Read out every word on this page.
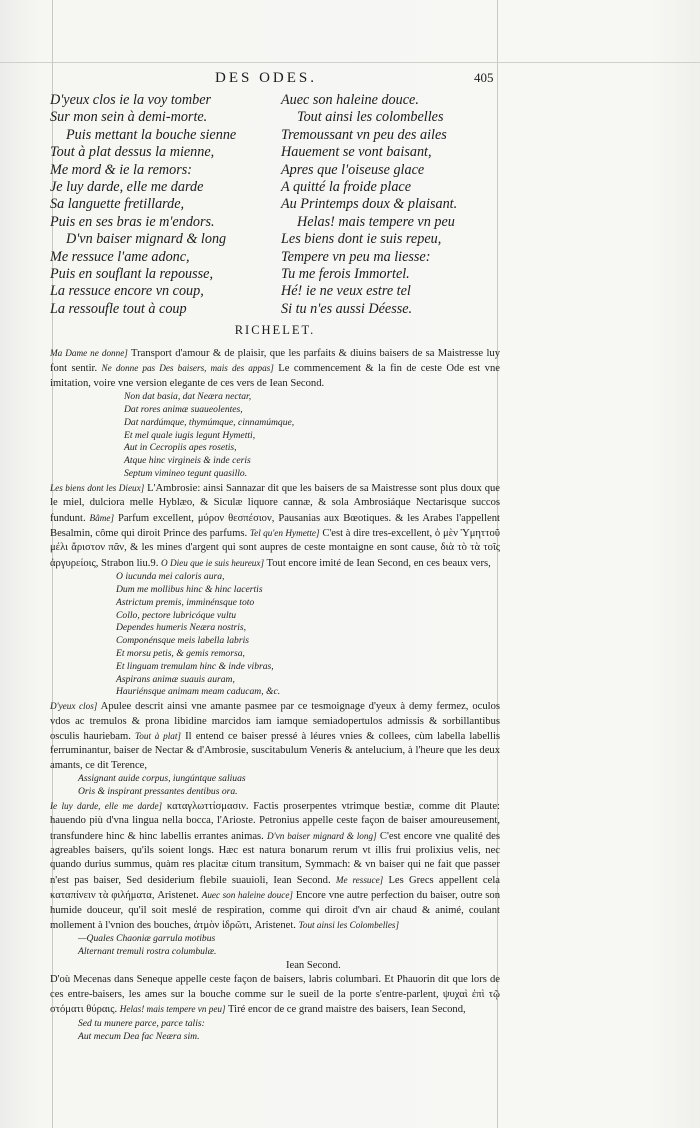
DES ODES.	405
D'yeux clos ie la voy tomber
Sur mon sein à demi-morte.
Puis mettant la bouche sienne
Tout à plat dessus la mienne,
Me mord & ie la remors:
Je luy darde, elle me darde
Sa languette fretillarde,
Puis en ses bras ie m'endors.
D'vn baiser mignard & long
Me ressuce l'ame adonc,
Puis en souflant la repousse,
La ressuce encore vn coup,
La ressoufle tout à coup
Auec son haleine douce.
Tout ainsi les colombelles
Tremoussant vn peu des ailes
Hauement se vont baisant,
Apres que l'oiseuse glace
A quitté la froide place
Au Printemps doux & plaisant.
Helas! mais tempere vn peu
Les biens dont ie suis repeu,
Tempere vn peu ma liesse:
Tu me ferois Immortel.
Hé! ie ne veux estre tel
Si tu n'es aussi Déesse.
RICHELET.

Ma Dame ne donne] Transport d'amour & de plaisir, que les parfaits & diuins baisers de sa Maistresse luy font sentir. Ne donne pas Des baisers, mais des appas] Le commencement & la fin de ceste Ode est vne imitation, voire vne version elegante de ces vers de Iean Second.

Non dat basia, dat Neæra nectar,
Dat rores animæ suaueolentes,
Dat nardúmque, thymúmque, cinnamúmque,
Et mel quale iugis legunt Hymetti,
Aut in Cecropiis apes rosetis,
Atque hinc virgineis & inde ceris
Septum vimineo tegunt quasillo.

Les biens dont les Dieux] L'Ambrosie: ainsi Sannazar dit que les baisers de sa Maistresse sont plus doux que le miel, dulciora melle Hyblæo, & Siculæ liquore cannæ, & sola Ambrosiáque Nectarisque succos fundunt. Bâme] Parfum excellent, μύρον θεσπέσιον, Pausanias aux Bœotiques. & les Arabes l'appellent Besalmin, côme qui diroit Prince des parfums. Tel qu'en Hymette] C'est à dire tres-excellent, ὁ μὲν Ὑμηττοῦ μέλι ἄριστον πᾶν, & les mines d'argent qui sont aupres de ceste montaigne en sont cause, διὰ τὸ τὰ τοῖς ἀργυρείοις, Strabon liu.9. O Dieu que ie suis heureux] Tout encore imité de Iean Second, en ces beaux vers,

O iucunda mei caloris aura,
Dum me mollibus hinc & hinc lacertis
Astrictum premis, imminénsque toto
Collo, pectore lubricóque vultu
Dependes humeris Neæra nostris,
Componénsque meis labella labris
Et morsu petis, & gemis remorsa,
Et linguam tremulam hinc & inde vibras,
Aspirans animæ suauis auram,
Hauriénsque animam meam caducam, &c.

D'yeux clos] Apulee descrit ainsi vne amante pasmee par ce tesmoignage d'yeux à demy fermez, oculos vdos ac tremulos & prona libidine marcidos iam iamque semiadopertulos admissis & sorbillantibus osculis hauriebam. Tout à plat] Il entend ce baiser pressé à léures vnies & collees, cùm labella labellis ferruminantur, baiser de Nectar & d'Ambrosie, suscitabulum Veneris & antelucium, à l'heure que les deux amants, ce dit Terence,

Assignant auide corpus, iungúntque saliuas
Oris & inspirant pressantes dentibus ora.

Ie luy darde, elle me darde] καταγλωττίσμασιν. Factis proserpentes vtrimque bestiæ, comme dit Plaute: hauendo più d'vna lingua nella bocca, l'Arioste. Petronius appelle ceste façon de baiser amoureusement, transfundere hinc & hinc labellis errantes animas. D'vn baiser mignard & long] C'est encore vne qualité des agreables baisers, qu'ils soient longs. Hæc est natura bonarum rerum vt illis frui prolixius velis, nec quando durius summus, quàm res placitæ citum transitum, Symmach: & vn baiser qui ne fait que passer n'est pas baiser, Sed desiderium flebile suauioli, Iean Second. Me ressuce] Les Grecs appellent cela καταπίνειν τὰ φιλήματα, Aristenet. Auec son haleine douce] Encore vne autre perfection du baiser, outre son humide douceur, qu'il soit meslé de respiration, comme qui diroit d'vn air chaud & animé, coulant mollement à l'vnion des bouches, ἀτμὸν ἱδρῶτι, Aristenet. Tout ainsi les Colombelles]

—Quales Chaoniæ garrula motibus
Alternant tremuli rostra columbulæ.
Iean Second.

D'où Mecenas dans Seneque appelle ceste façon de baisers, labris columbari. Et Phauorin dit que lors de ces entre-baisers, les ames sur la bouche comme sur le sueil de la porte s'entre-parlent, ψυχαὶ ἐπὶ τῷ στόματι θύραις. Helas! mais tempere vn peu] Tiré encor de ce grand maistre des baisers, Iean Second,

Sed tu munere parce, parce talis:
Aut mecum Dea fac Neæra sim.
